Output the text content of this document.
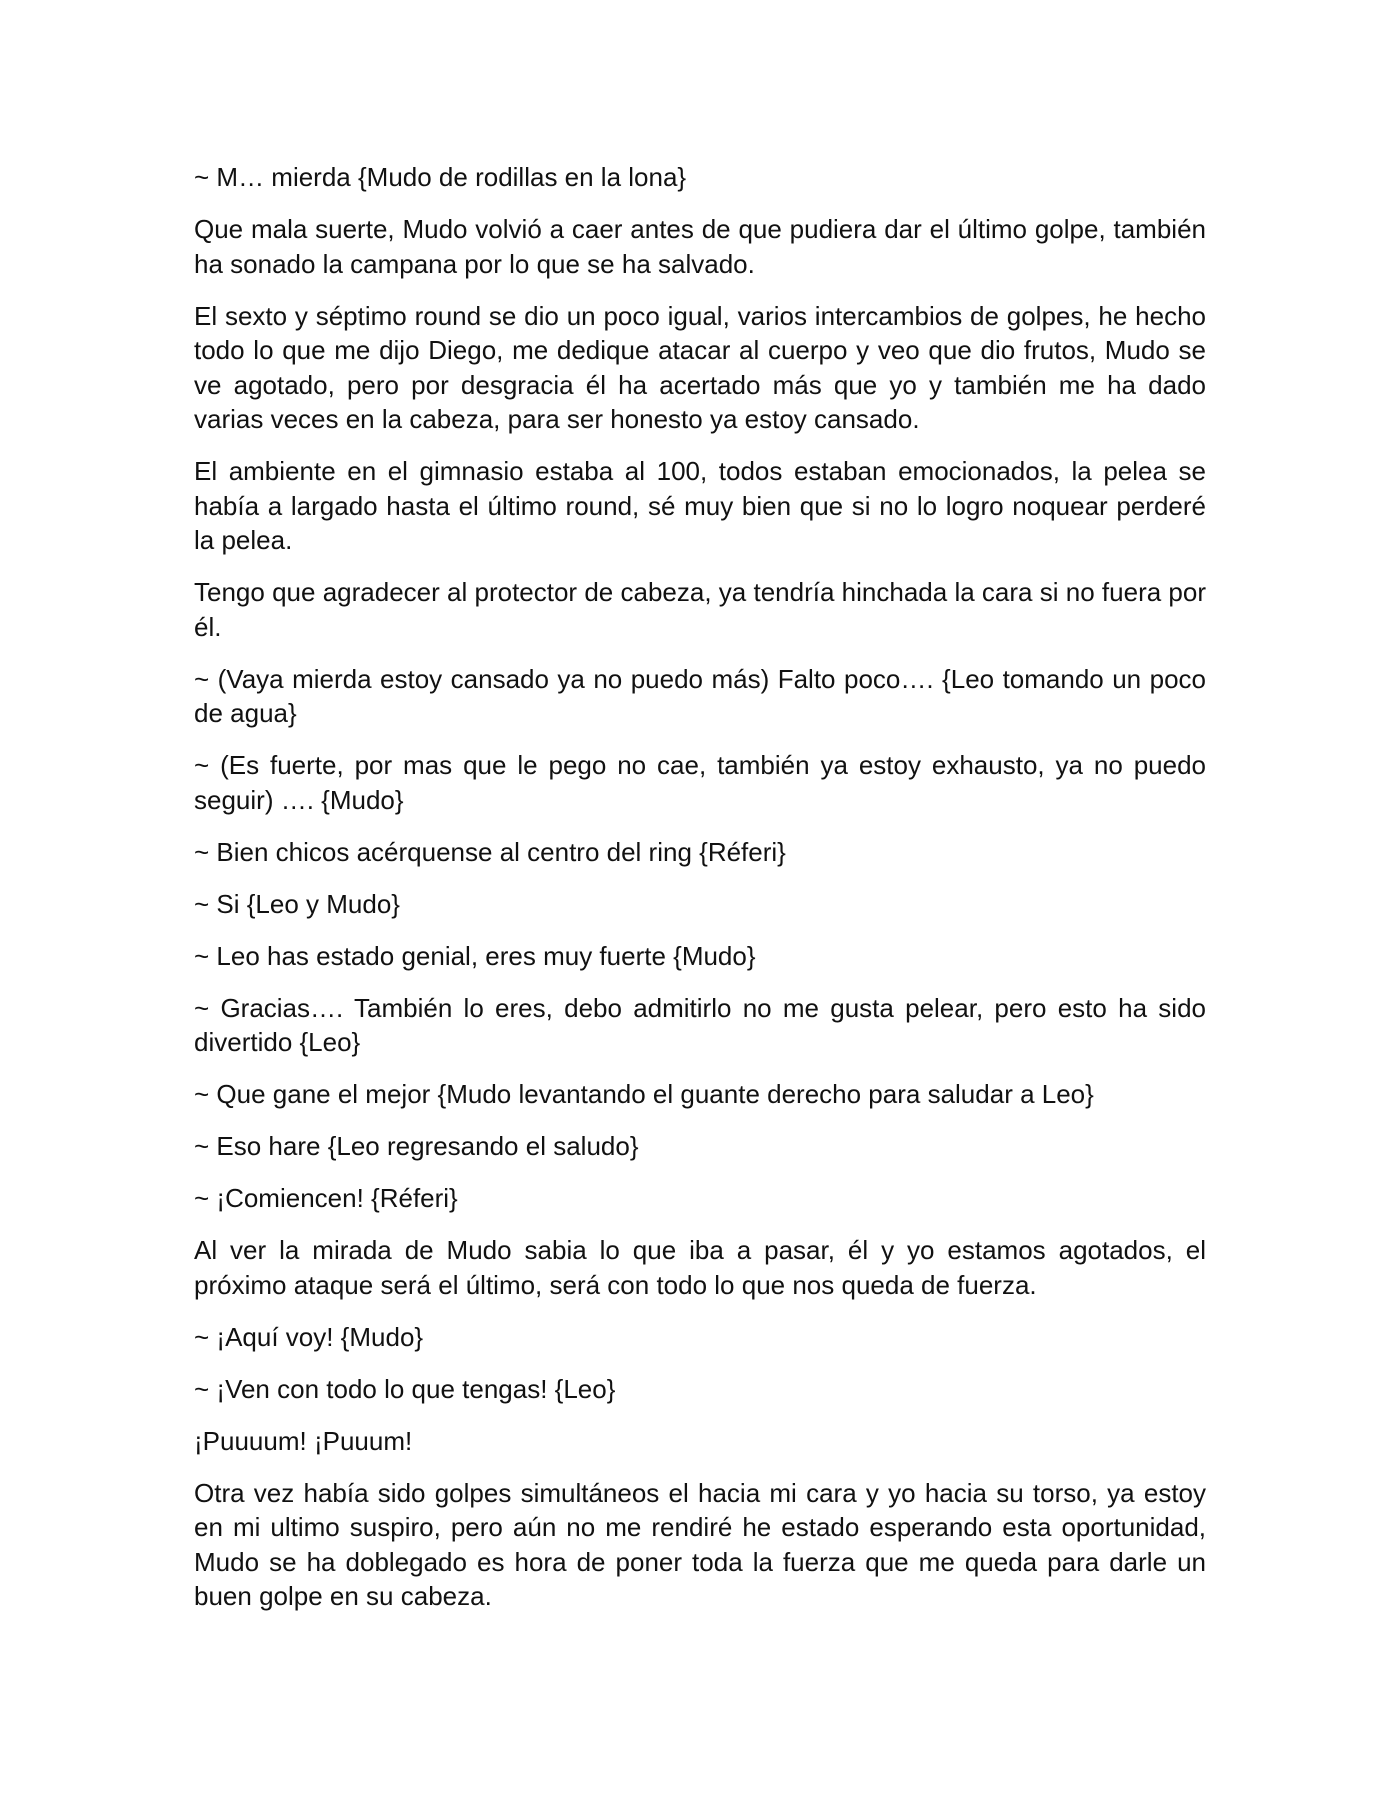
~ M… mierda {Mudo de rodillas en la lona}

Que mala suerte, Mudo volvió a caer antes de que pudiera dar el último golpe, también ha sonado la campana por lo que se ha salvado.

El sexto y séptimo round se dio un poco igual, varios intercambios de golpes, he hecho todo lo que me dijo Diego, me dedique atacar al cuerpo y veo que dio frutos, Mudo se ve agotado, pero por desgracia él ha acertado más que yo y también me ha dado varias veces en la cabeza, para ser honesto ya estoy cansado.

El ambiente en el gimnasio estaba al 100, todos estaban emocionados, la pelea se había a largado hasta el último round, sé muy bien que si no lo logro noquear perderé la pelea.

Tengo que agradecer al protector de cabeza, ya tendría hinchada la cara si no fuera por él.

~ (Vaya mierda estoy cansado ya no puedo más) Falto poco…. {Leo tomando un poco de agua}

~ (Es fuerte, por mas que le pego no cae, también ya estoy exhausto, ya no puedo seguir) …. {Mudo}

~ Bien chicos acérquense al centro del ring {Réferi}

~ Si {Leo y Mudo}

~ Leo has estado genial, eres muy fuerte {Mudo}

~ Gracias…. También lo eres, debo admitirlo no me gusta pelear, pero esto ha sido divertido {Leo}

~ Que gane el mejor {Mudo levantando el guante derecho para saludar a Leo}

~ Eso hare {Leo regresando el saludo}

~ ¡Comiencen! {Réferi}

Al ver la mirada de Mudo sabia lo que iba a pasar, él y yo estamos agotados, el próximo ataque será el último, será con todo lo que nos queda de fuerza.

~ ¡Aquí voy! {Mudo}

~ ¡Ven con todo lo que tengas! {Leo}

¡Puuuum! ¡Puuum!

Otra vez había sido golpes simultáneos el hacia mi cara y yo hacia su torso, ya estoy en mi ultimo suspiro, pero aún no me rendiré he estado esperando esta oportunidad, Mudo se ha doblegado es hora de poner toda la fuerza que me queda para darle un buen golpe en su cabeza.
